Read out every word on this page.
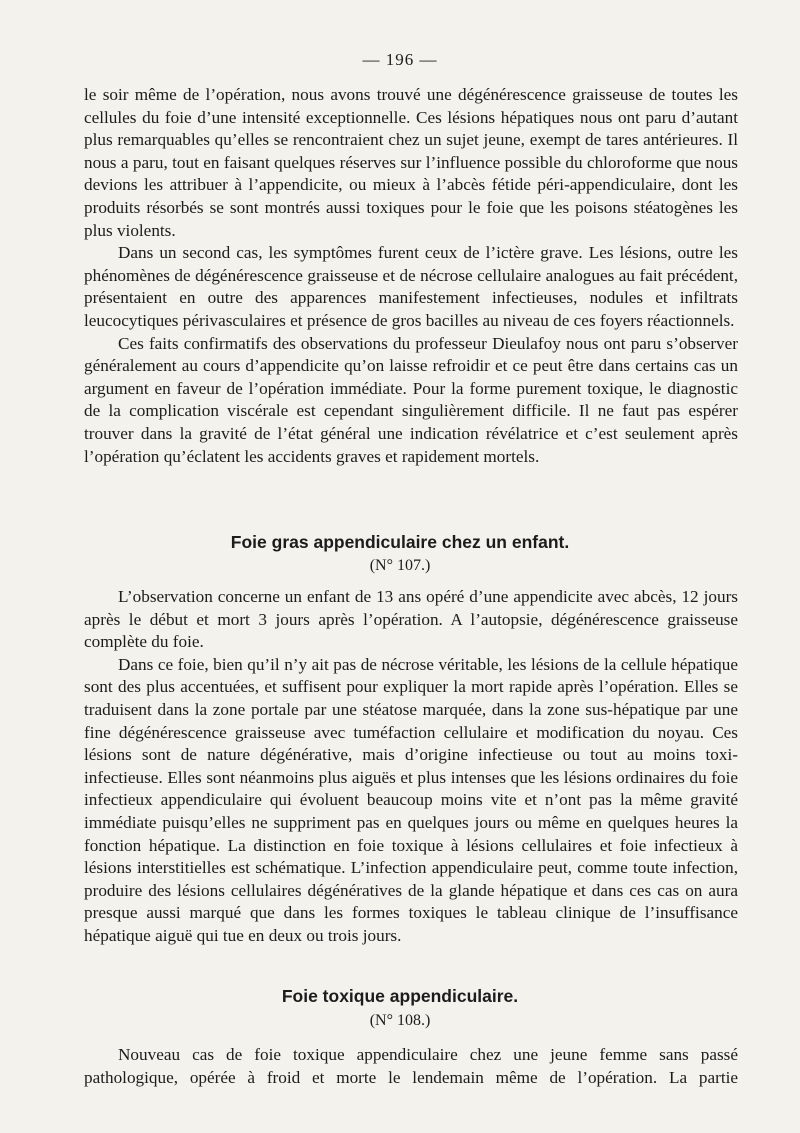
— 196 —

le soir même de l’opération, nous avons trouvé une dégénérescence graisseuse de toutes les cellules du foie d’une intensité exceptionnelle. Ces lésions hépatiques nous ont paru d’autant plus remarquables qu’elles se rencontraient chez un sujet jeune, exempt de tares antérieures. Il nous a paru, tout en faisant quelques réserves sur l’influence possible du chloroforme que nous devions les attribuer à l’appendicite, ou mieux à l’abcès fétide péri-appendiculaire, dont les produits résorbés se sont montrés aussi toxiques pour le foie que les poisons stéatogènes les plus violents.

Dans un second cas, les symptômes furent ceux de l’ictère grave. Les lésions, outre les phénomènes de dégénérescence graisseuse et de nécrose cellulaire analogues au fait précédent, présentaient en outre des apparences manifestement infectieuses, nodules et infiltrats leucocytiques périvasculaires et présence de gros bacilles au niveau de ces foyers réactionnels.

Ces faits confirmatifs des observations du professeur Dieulafoy nous ont paru s’observer généralement au cours d’appendicite qu’on laisse refroidir et ce peut être dans certains cas un argument en faveur de l’opération immédiate. Pour la forme purement toxique, le diagnostic de la complication viscérale est cependant singulièrement difficile. Il ne faut pas espérer trouver dans la gravité de l’état général une indication révélatrice et c’est seulement après l’opération qu’éclatent les accidents graves et rapidement mortels.

Foie gras appendiculaire chez un enfant.
(N° 107.)

L’observation concerne un enfant de 13 ans opéré d’une appendicite avec abcès, 12 jours après le début et mort 3 jours après l’opération. A l’autopsie, dégénérescence graisseuse complète du foie.

Dans ce foie, bien qu’il n’y ait pas de nécrose véritable, les lésions de la cellule hépatique sont des plus accentuées, et suffisent pour expliquer la mort rapide après l’opération. Elles se traduisent dans la zone portale par une stéatose marquée, dans la zone sus-hépatique par une fine dégénérescence graisseuse avec tuméfaction cellulaire et modification du noyau. Ces lésions sont de nature dégénérative, mais d’origine infectieuse ou tout au moins toxi-infectieuse. Elles sont néanmoins plus aiguës et plus intenses que les lésions ordinaires du foie infectieux appendiculaire qui évoluent beaucoup moins vite et n’ont pas la même gravité immédiate puisqu’elles ne suppriment pas en quelques jours ou même en quelques heures la fonction hépatique. La distinction en foie toxique à lésions cellulaires et foie infectieux à lésions interstitielles est schématique. L’infection appendiculaire peut, comme toute infection, produire des lésions cellulaires dégénératives de la glande hépatique et dans ces cas on aura presque aussi marqué que dans les formes toxiques le tableau clinique de l’insuffisance hépatique aiguë qui tue en deux ou trois jours.

Foie toxique appendiculaire.
(N° 108.)

Nouveau cas de foie toxique appendiculaire chez une jeune femme sans passé pathologique, opérée à froid et morte le lendemain même de l’opération. La partie
